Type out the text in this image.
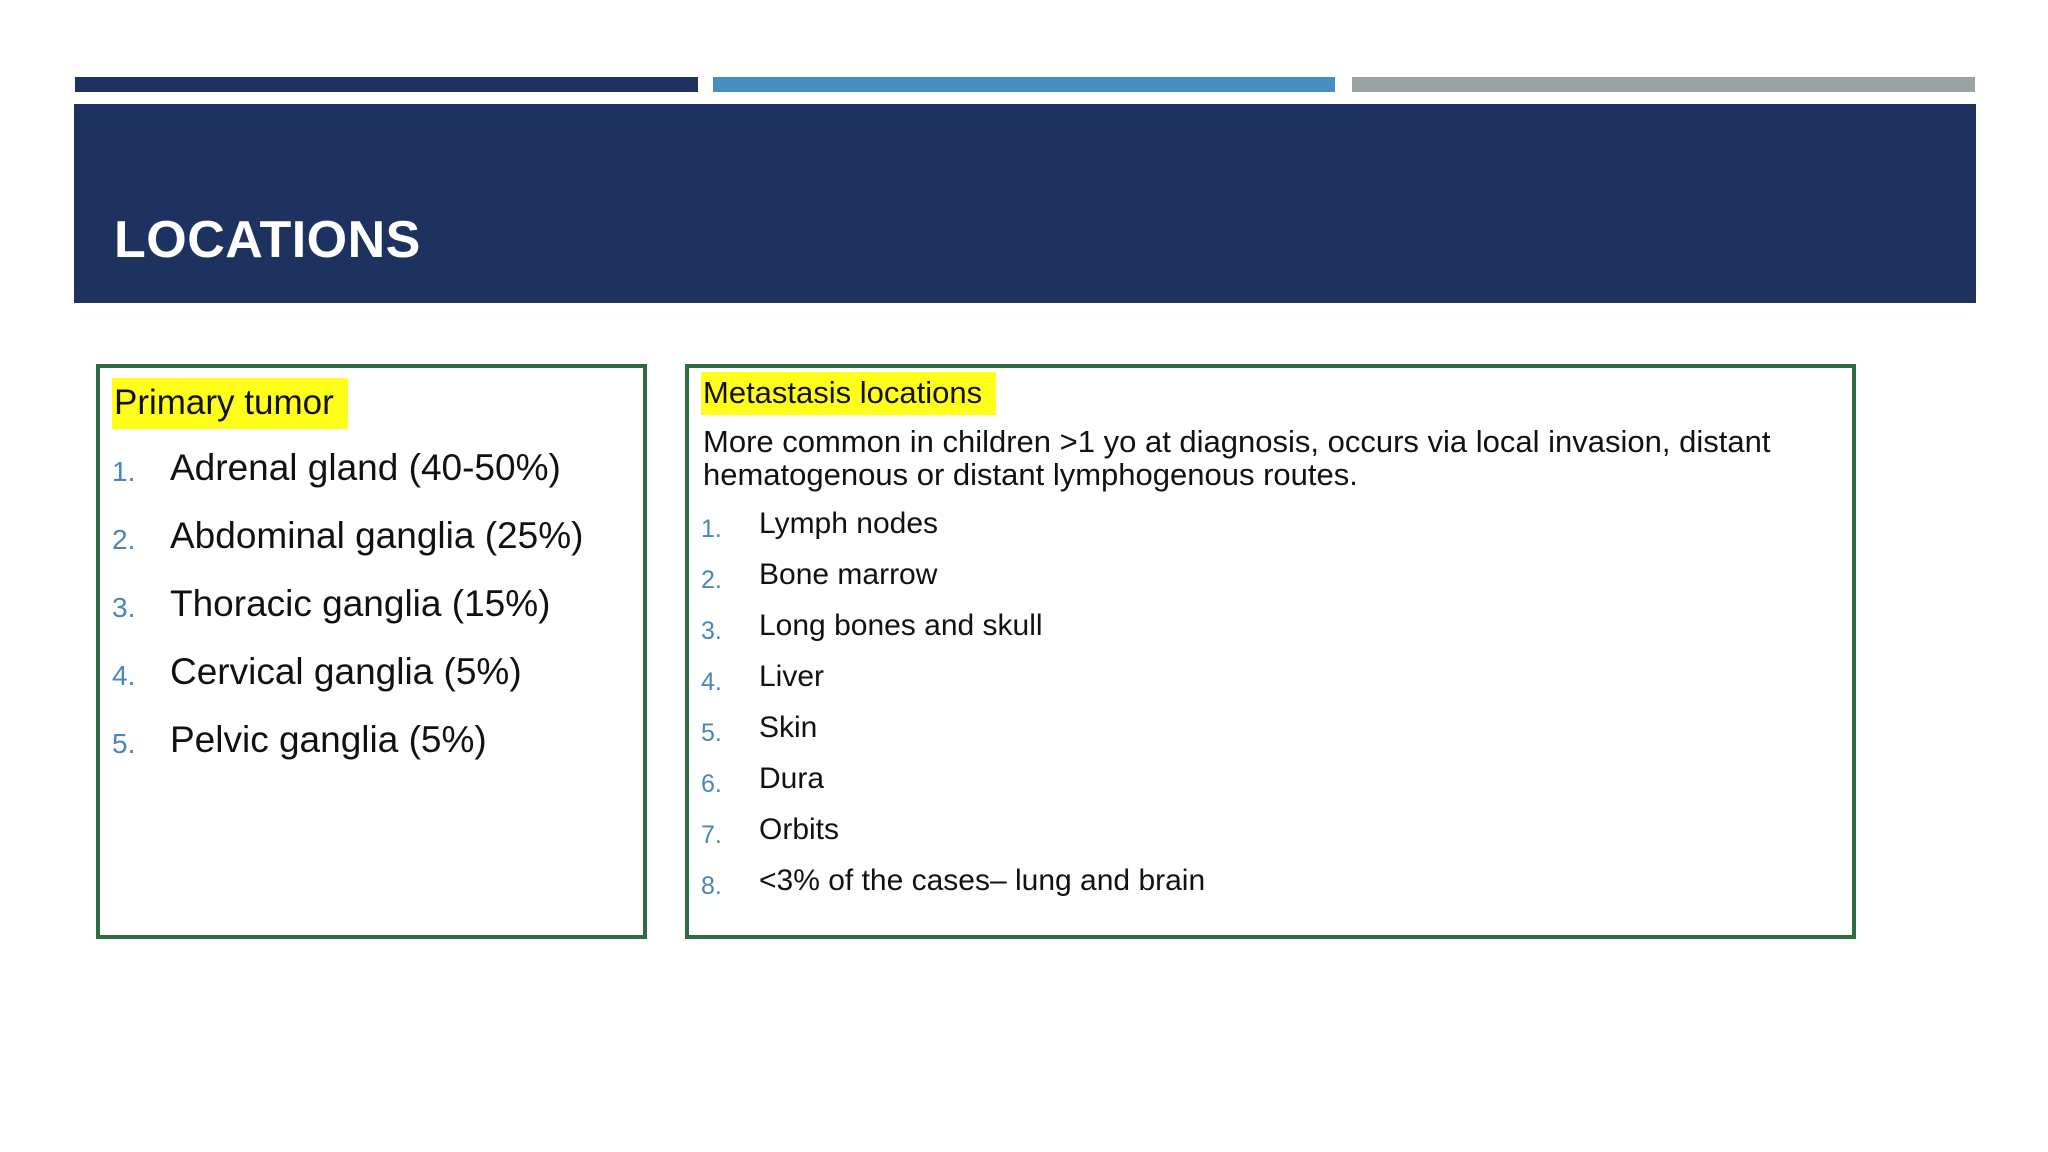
LOCATIONS
Primary tumor
1. Adrenal gland (40-50%)
2. Abdominal ganglia (25%)
3. Thoracic ganglia (15%)
4. Cervical ganglia (5%)
5. Pelvic ganglia (5%)
Metastasis locations

More common in children >1 yo at diagnosis, occurs via local invasion, distant hematogenous or distant lymphogenous routes.

1. Lymph nodes
2. Bone marrow
3. Long bones and skull
4. Liver
5. Skin
6. Dura
7. Orbits
8. <3% of the cases– lung and brain
